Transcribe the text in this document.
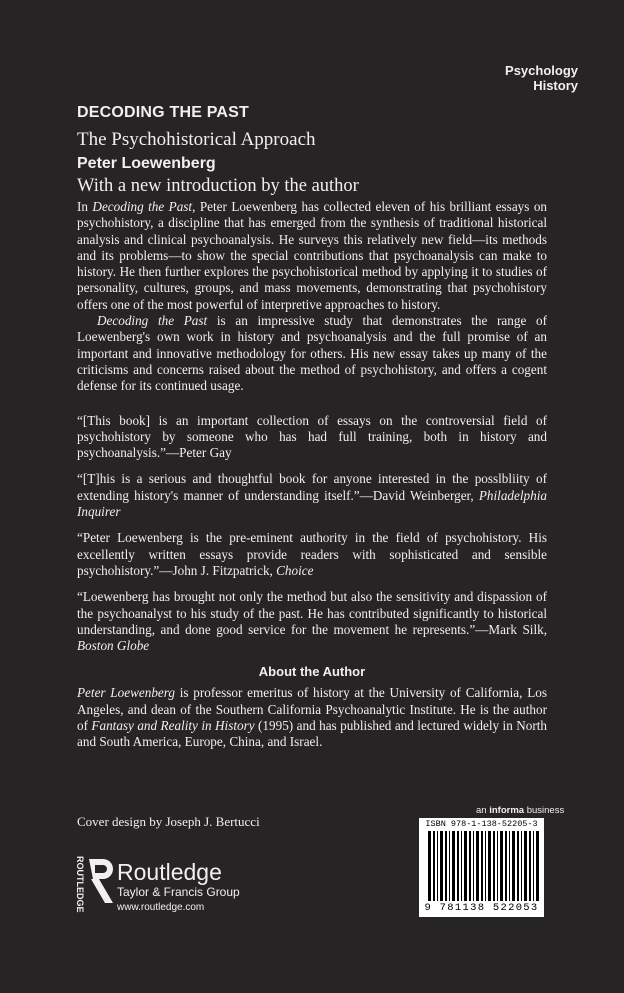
Psychology
History
DECODING THE PAST
The Psychohistorical Approach
Peter Loewenberg
With a new introduction by the author

In Decoding the Past, Peter Loewenberg has collected eleven of his brilliant essays on psychohistory, a discipline that has emerged from the synthesis of traditional historical analysis and clinical psychoanalysis. He surveys this relatively new field—its methods and its problems—to show the special contributions that psychoanalysis can make to history. He then further explores the psychohistorical method by applying it to studies of personality, cultures, groups, and mass movements, demonstrating that psychohistory offers one of the most powerful of interpretive approaches to history.

Decoding the Past is an impressive study that demonstrates the range of Loewenberg's own work in history and psychoanalysis and the full promise of an important and innovative methodology for others. His new essay takes up many of the criticisms and concerns raised about the method of psychohistory, and offers a cogent defense for its continued usage.

“[This book] is an important collection of essays on the controversial field of psychohistory by someone who has had full training, both in history and psychoanalysis.”—Peter Gay

“[T]his is a serious and thoughtful book for anyone interested in the posslbliity of extending history's manner of understanding itself.”—David Weinberger, Philadelphia Inquirer

“Peter Loewenberg is the pre-eminent authority in the field of psychohistory. His excellently written essays provide readers with sophisticated and sensible psychohistory.”—John J. Fitzpatrick, Choice

“Loewenberg has brought not only the method but also the sensitivity and dispassion of the psychoanalyst to his study of the past. He has contributed significantly to historical understanding, and done good service for the movement he represents.”—Mark Silk, Boston Globe

About the Author

Peter Loewenberg is professor emeritus of history at the University of California, Los Angeles, and dean of the Southern California Psychoanalytic Institute. He is the author of Fantasy and Reality in History (1995) and has published and lectured widely in North and South America, Europe, China, and Israel.

Cover design by Joseph J. Bertucci
ROUTLEDGE Routledge
Taylor & Francis Group
www.routledge.com
an informa business
ISBN 978-1-138-52205-3
9 781138 522053
